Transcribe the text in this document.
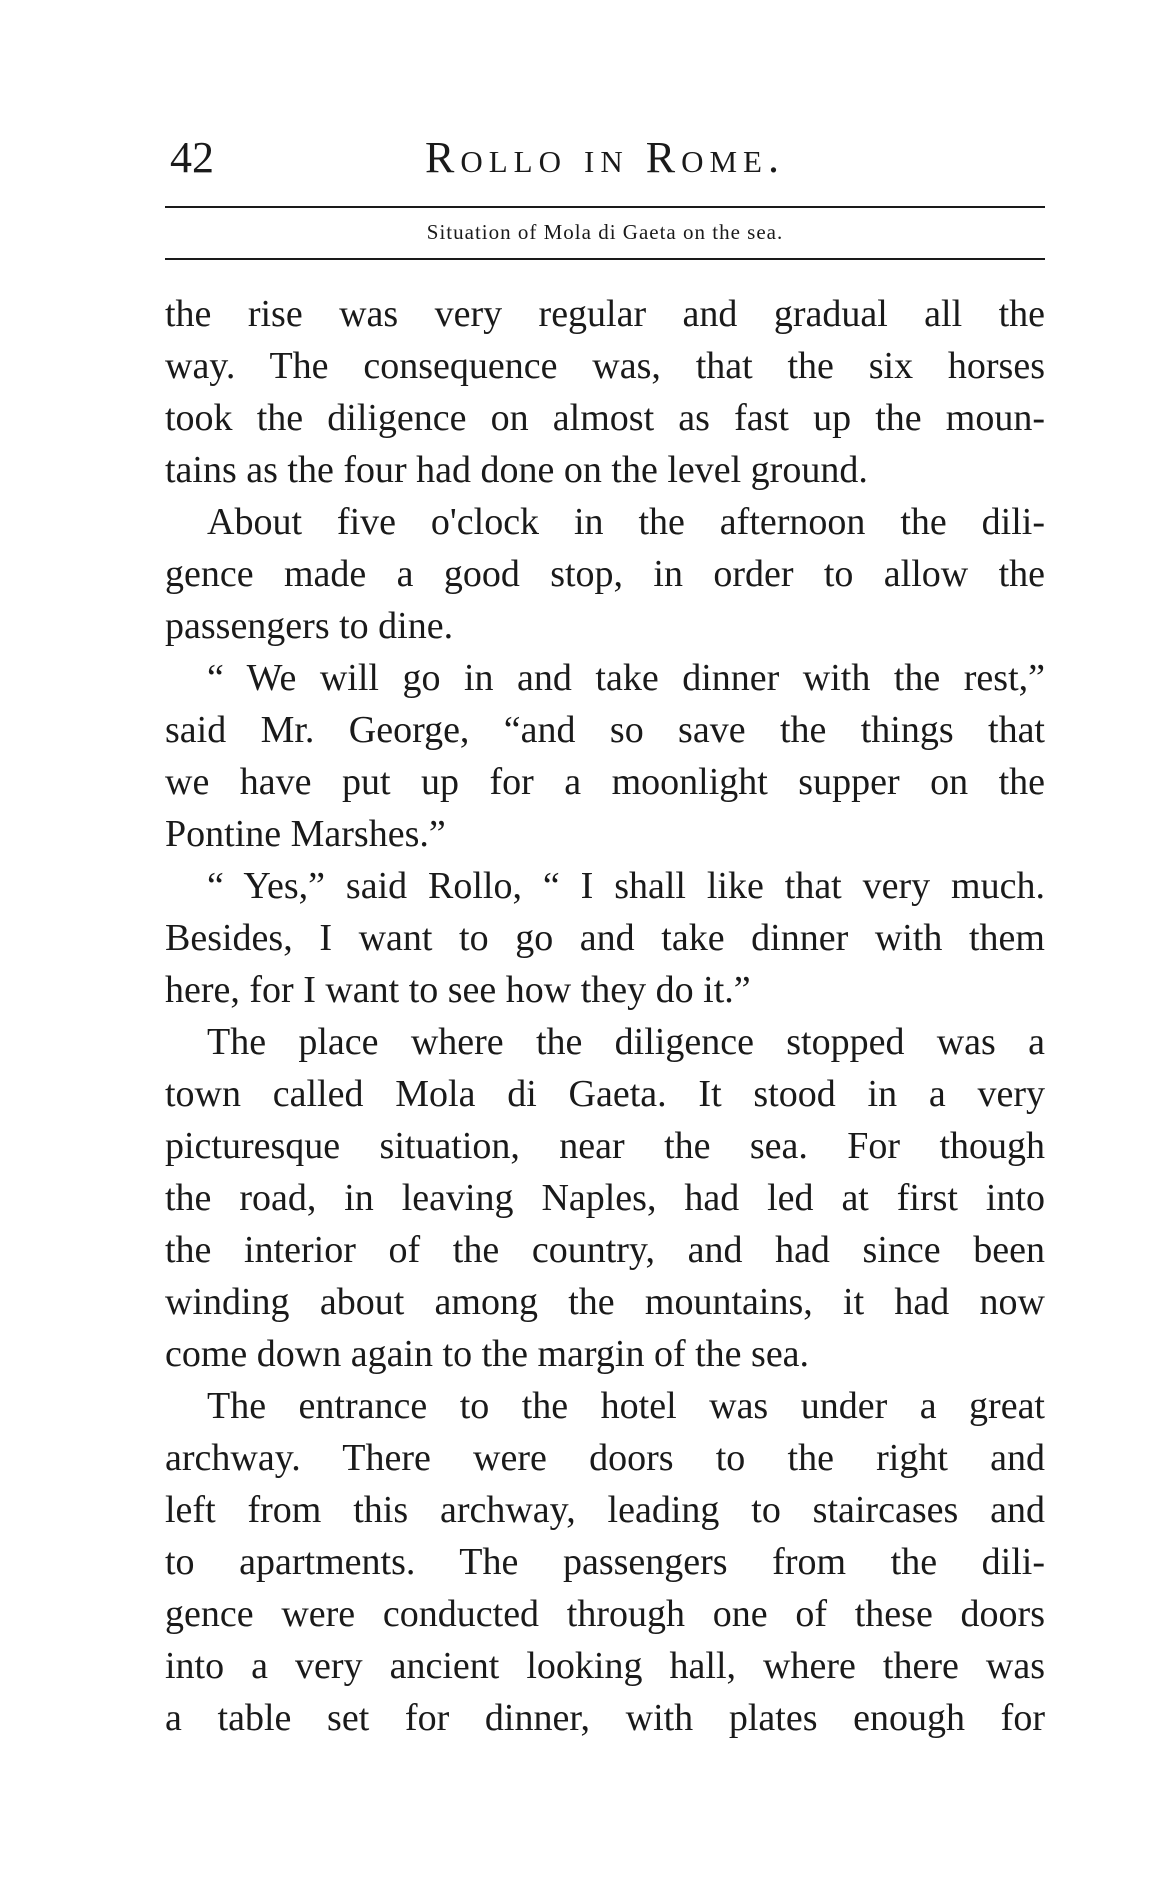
42	Rollo in Rome.
Situation of Mola di Gaeta on the sea.
the rise was very regular and gradual all the
way. The consequence was, that the six horses
took the diligence on almost as fast up the moun-
tains as the four had done on the level ground.
About five o'clock in the afternoon the dili-
gence made a good stop, in order to allow the
passengers to dine.
“ We will go in and take dinner with the rest,”
said Mr. George, “and so save the things that
we have put up for a moonlight supper on the
Pontine Marshes.”
“ Yes,” said Rollo, “ I shall like that very much.
Besides, I want to go and take dinner with them
here, for I want to see how they do it.”
The place where the diligence stopped was a
town called Mola di Gaeta. It stood in a very
picturesque situation, near the sea. For though
the road, in leaving Naples, had led at first into
the interior of the country, and had since been
winding about among the mountains, it had now
come down again to the margin of the sea.
The entrance to the hotel was under a great
archway. There were doors to the right and
left from this archway, leading to staircases and
to apartments. The passengers from the dili-
gence were conducted through one of these doors
into a very ancient looking hall, where there was
a table set for dinner, with plates enough for
